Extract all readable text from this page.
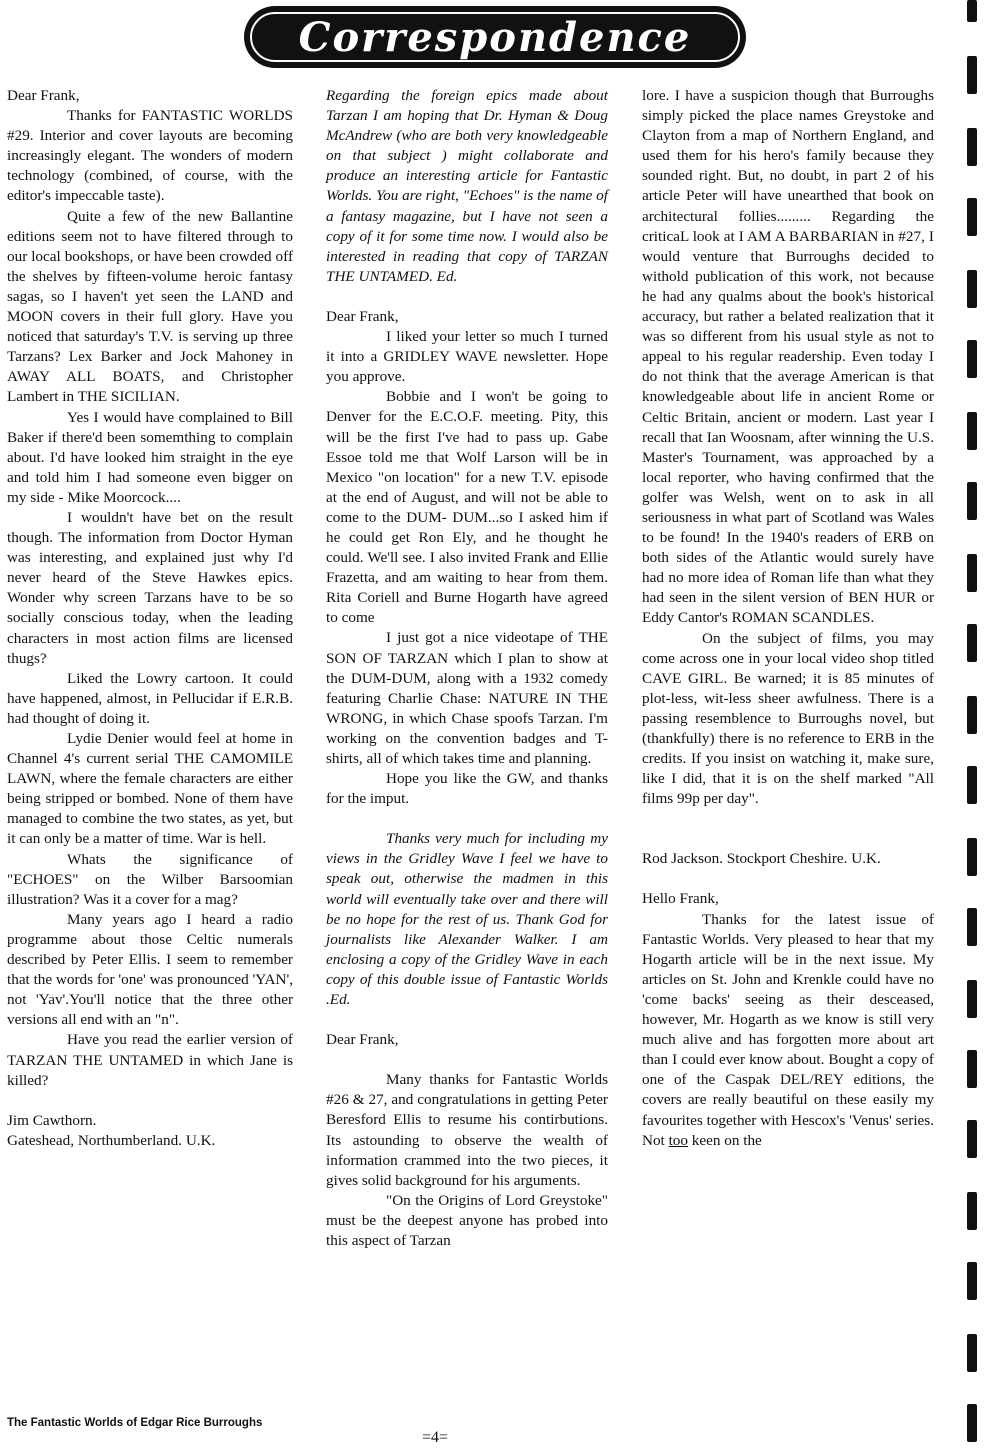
Correspondence

Dear Frank,

Thanks for FANTASTIC WORLDS #29. Interior and cover layouts are becoming increasingly elegant. The wonders of modern technology (combined, of course, with the editor's impeccable taste).

Quite a few of the new Ballantine editions seem not to have filtered through to our local bookshops, or have been crowded off the shelves by fifteen-volume heroic fantasy sagas, so I haven't yet seen the LAND and MOON covers in their full glory. Have you noticed that saturday's T.V. is serving up three Tarzans? Lex Barker and Jock Mahoney in AWAY ALL BOATS, and Christopher Lambert in THE SICILIAN.

Yes I would have complained to Bill Baker if there'd been somemthing to complain about. I'd have looked him straight in the eye and told him I had someone even bigger on my side - Mike Moorcock....

I wouldn't have bet on the result though. The information from Doctor Hyman was interesting, and explained just why I'd never heard of the Steve Hawkes epics. Wonder why screen Tarzans have to be so socially conscious today, when the leading characters in most action films are licensed thugs?

Liked the Lowry cartoon. It could have happened, almost, in Pellucidar if E.R.B. had thought of doing it.

Lydie Denier would feel at home in Channel 4's current serial THE CAMOMILE LAWN, where the female characters are either being stripped or bombed. None of them have managed to combine the two states, as yet, but it can only be a matter of time. War is hell.

Whats the significance of "ECHOES" on the Wilber Barsoomian illustration? Was it a cover for a mag?

Many years ago I heard a radio programme about those Celtic numerals described by Peter Ellis. I seem to remember that the words for 'one' was pronounced 'YAN', not 'Yav'.You'll notice that the three other versions all end with an "n".

Have you read the earlier version of TARZAN THE UNTAMED in which Jane is killed?

Jim Cawthorn.

Gateshead, Northumberland. U.K.

Regarding the foreign epics made about Tarzan I am hoping that Dr. Hyman & Doug McAndrew (who are both very knowledgeable on that subject ) might collaborate and produce an interesting article for Fantastic Worlds. You are right, "Echoes" is the name of a fantasy magazine, but I have not seen a copy of it for some time now. I would also be interested in reading that copy of TARZAN THE UNTAMED. Ed.

Dear Frank,

I liked your letter so much I turned it into a GRIDLEY WAVE newsletter. Hope you approve.

Bobbie and I won't be going to Denver for the E.C.O.F. meeting. Pity, this will be the first I've had to pass up. Gabe Essoe told me that Wolf Larson will be in Mexico "on location" for a new T.V. episode at the end of August, and will not be able to come to the DUM- DUM...so I asked him if he could get Ron Ely, and he thought he could. We'll see. I also invited Frank and Ellie Frazetta, and am waiting to hear from them. Rita Coriell and Burne Hogarth have agreed to come

I just got a nice videotape of THE SON OF TARZAN which I plan to show at the DUM-DUM, along with a 1932 comedy featuring Charlie Chase: NATURE IN THE WRONG, in which Chase spoofs Tarzan. I'm working on the convention badges and T-shirts, all of which takes time and planning.

Hope you like the GW, and thanks for the imput.

Thanks very much for including my views in the Gridley Wave I feel we have to speak out, otherwise the madmen in this world will eventually take over and there will be no hope for the rest of us. Thank God for journalists like Alexander Walker. I am enclosing a copy of the Gridley Wave in each copy of this double issue of Fantastic Worlds .Ed.

Dear Frank,

Many thanks for Fantastic Worlds #26 & 27, and congratulations in getting Peter Beresford Ellis to resume his contirbutions. Its astounding to observe the wealth of information crammed into the two pieces, it gives solid background for his arguments.

"On the Origins of Lord Greystoke" must be the deepest anyone has probed into this aspect of Tarzan

lore. I have a suspicion though that Burroughs simply picked the place names Greystoke and Clayton from a map of Northern England, and used them for his hero's family because they sounded right. But, no doubt, in part 2 of his article Peter will have unearthed that book on architectural follies......... Regarding the criticaL look at I AM A BARBARIAN in #27, I would venture that Burroughs decided to withold publication of this work, not because he had any qualms about the book's historical accuracy, but rather a belated realization that it was so different from his usual style as not to appeal to his regular readership. Even today I do not think that the average American is that knowledgeable about life in ancient Rome or Celtic Britain, ancient or modern. Last year I recall that Ian Woosnam, after winning the U.S. Master's Tournament, was approached by a local reporter, who having confirmed that the golfer was Welsh, went on to ask in all seriousness in what part of Scotland was Wales to be found! In the 1940's readers of ERB on both sides of the Atlantic would surely have had no more idea of Roman life than what they had seen in the silent version of BEN HUR or Eddy Cantor's ROMAN SCANDLES.

On the subject of films, you may come across one in your local video shop titled CAVE GIRL. Be warned; it is 85 minutes of plot-less, wit-less sheer awfulness. There is a passing resemblence to Burroughs novel, but (thankfully) there is no reference to ERB in the credits. If you insist on watching it, make sure, like I did, that it is on the shelf marked "All films 99p per day".

Rod Jackson. Stockport Cheshire. U.K.

Hello Frank,

Thanks for the latest issue of Fantastic Worlds. Very pleased to hear that my Hogarth article will be in the next issue. My articles on St. John and Krenkle could have no 'come backs' seeing as their desceased, however, Mr. Hogarth as we know is still very much alive and has forgotten more about art than I could ever know about. Bought a copy of one of the Caspak DEL/REY editions, the covers are really beautiful on these easily my favourites together with Hescox's 'Venus' series. Not too keen on the

The Fantastic Worlds of Edgar Rice Burroughs
=4=
